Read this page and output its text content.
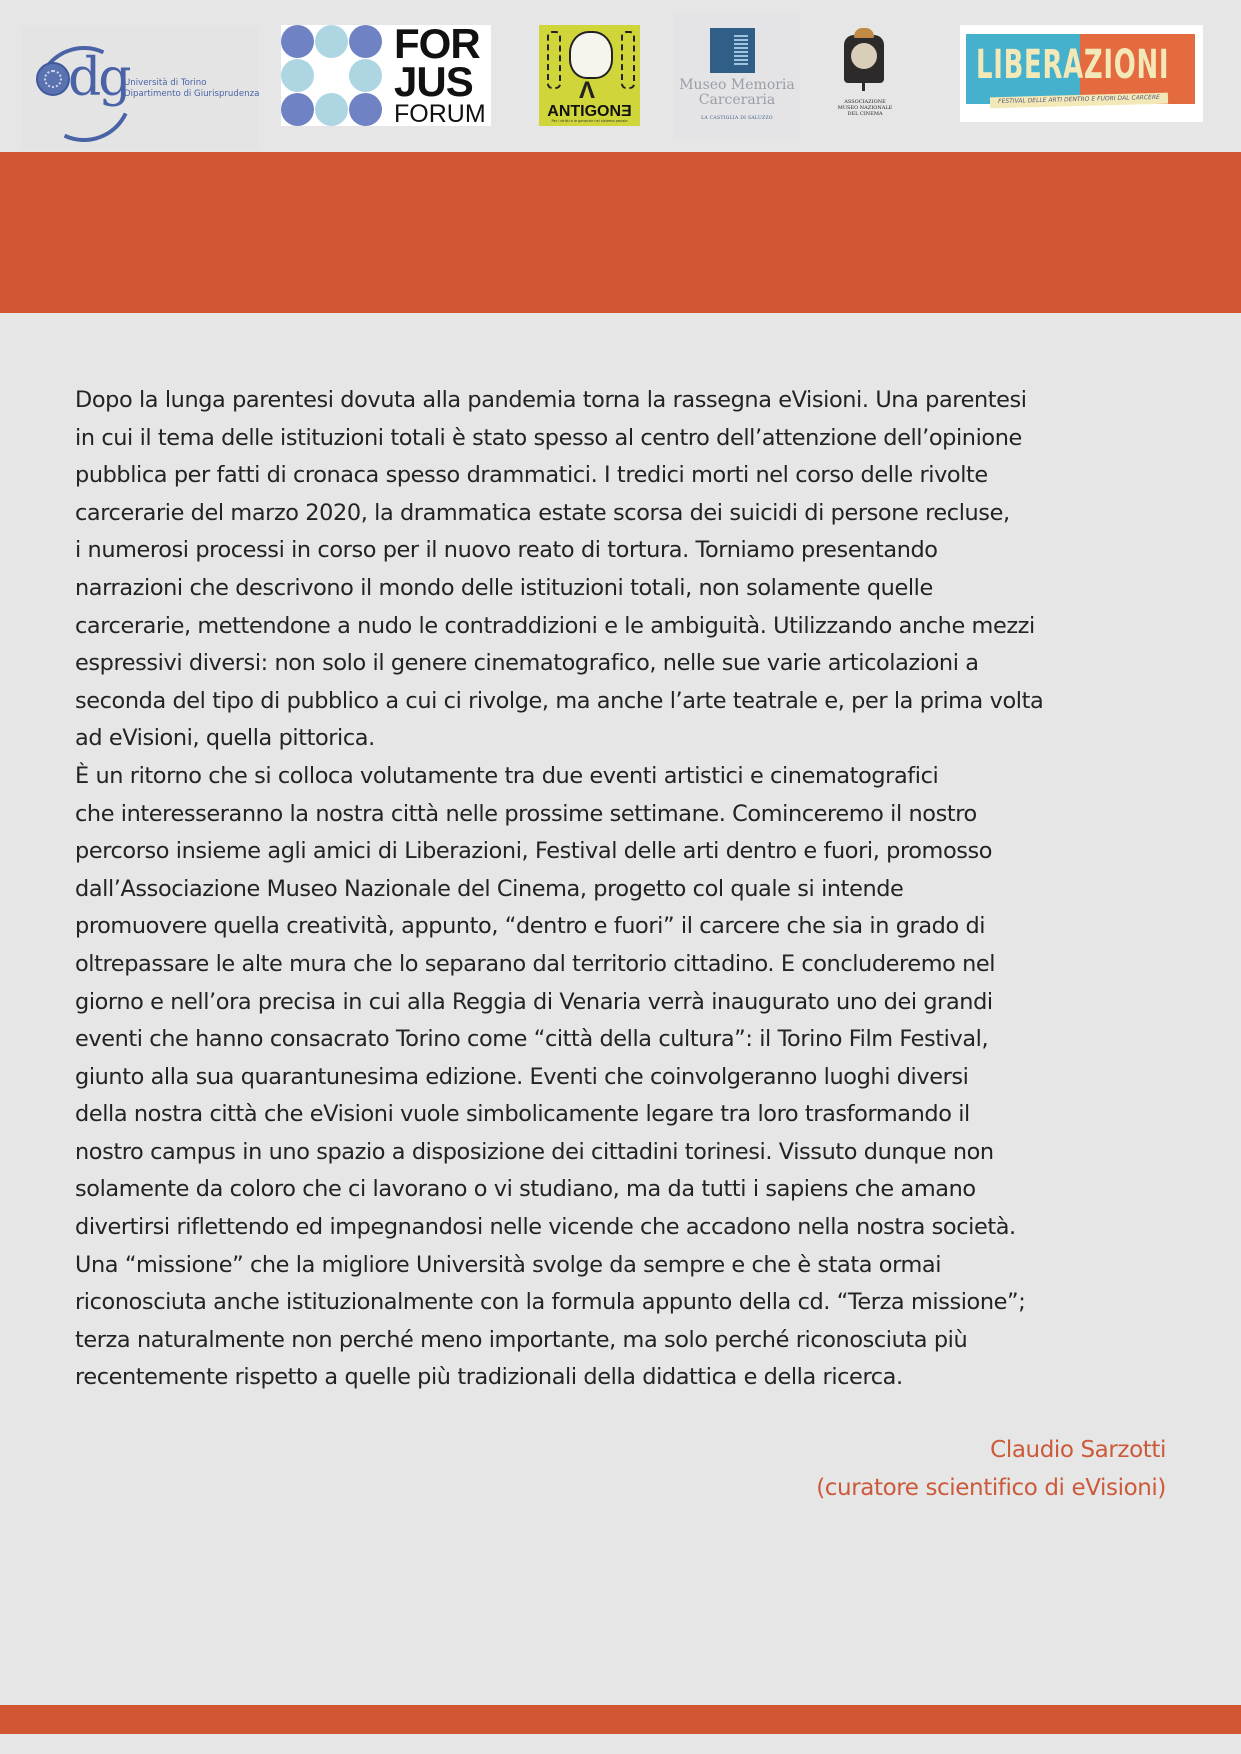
dg
Università di Torino
Dipartimento di Giurisprudenza
FOR
JUS
FORUM
Λ
ANTIGONƎ
Per i diritti e le garanzie nel sistema penale
Museo Memoria
Carceraria
LA CASTIGLIA DI SALUZZO
ASSOCIAZIONE
MUSEO NAZIONALE
DEL CINEMA
LIBERAZIONI
FESTIVAL DELLE ARTI DENTRO E FUORI DAL CARCERE
Dopo la lunga parentesi dovuta alla pandemia torna la rassegna eVisioni. Una parentesi
in cui il tema delle istituzioni totali è stato spesso al centro dell’attenzione dell’opinione
pubblica per fatti di cronaca spesso drammatici. I tredici morti nel corso delle rivolte
carcerarie del marzo 2020, la drammatica estate scorsa dei suicidi di persone recluse,
i numerosi processi in corso per il nuovo reato di tortura. Torniamo presentando
narrazioni che descrivono il mondo delle istituzioni totali, non solamente quelle
carcerarie, mettendone a nudo le contraddizioni e le ambiguità. Utilizzando anche mezzi
espressivi diversi: non solo il genere cinematografico, nelle sue varie articolazioni a
seconda del tipo di pubblico a cui ci rivolge, ma anche l’arte teatrale e, per la prima volta
ad eVisioni, quella pittorica.
È un ritorno che si colloca volutamente tra due eventi artistici e cinematografici
che interesseranno la nostra città nelle prossime settimane. Cominceremo il nostro
percorso insieme agli amici di Liberazioni, Festival delle arti dentro e fuori, promosso
dall’Associazione Museo Nazionale del Cinema, progetto col quale si intende
promuovere quella creatività, appunto, “dentro e fuori” il carcere che sia in grado di
oltrepassare le alte mura che lo separano dal territorio cittadino. E concluderemo nel
giorno e nell’ora precisa in cui alla Reggia di Venaria verrà inaugurato uno dei grandi
eventi che hanno consacrato Torino come “città della cultura”: il Torino Film Festival,
giunto alla sua quarantunesima edizione. Eventi che coinvolgeranno luoghi diversi
della nostra città che eVisioni vuole simbolicamente legare tra loro trasformando il
nostro campus in uno spazio a disposizione dei cittadini torinesi. Vissuto dunque non
solamente da coloro che ci lavorano o vi studiano, ma da tutti i sapiens che amano
divertirsi riflettendo ed impegnandosi nelle vicende che accadono nella nostra società.
Una “missione” che la migliore Università svolge da sempre e che è stata ormai
riconosciuta anche istituzionalmente con la formula appunto della cd. “Terza missione”;
terza naturalmente non perché meno importante, ma solo perché riconosciuta più
recentemente rispetto a quelle più tradizionali della didattica e della ricerca.
Claudio Sarzotti
(curatore scientifico di eVisioni)
